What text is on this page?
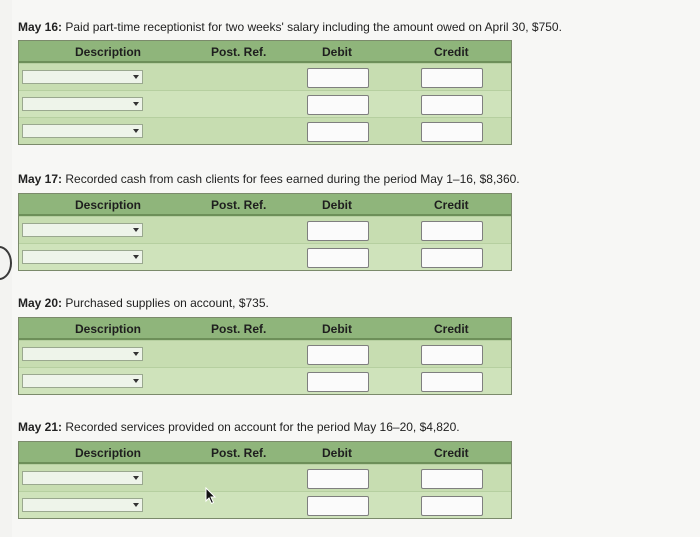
May 16: Paid part-time receptionist for two weeks' salary including the amount owed on April 30, $750.
Description	Post. Ref.	Debit	Credit
May 17: Recorded cash from cash clients for fees earned during the period May 1–16, $8,360.
Description	Post. Ref.	Debit	Credit
May 20: Purchased supplies on account, $735.
Description	Post. Ref.	Debit	Credit
May 21: Recorded services provided on account for the period May 16–20, $4,820.
Description	Post. Ref.	Debit	Credit
